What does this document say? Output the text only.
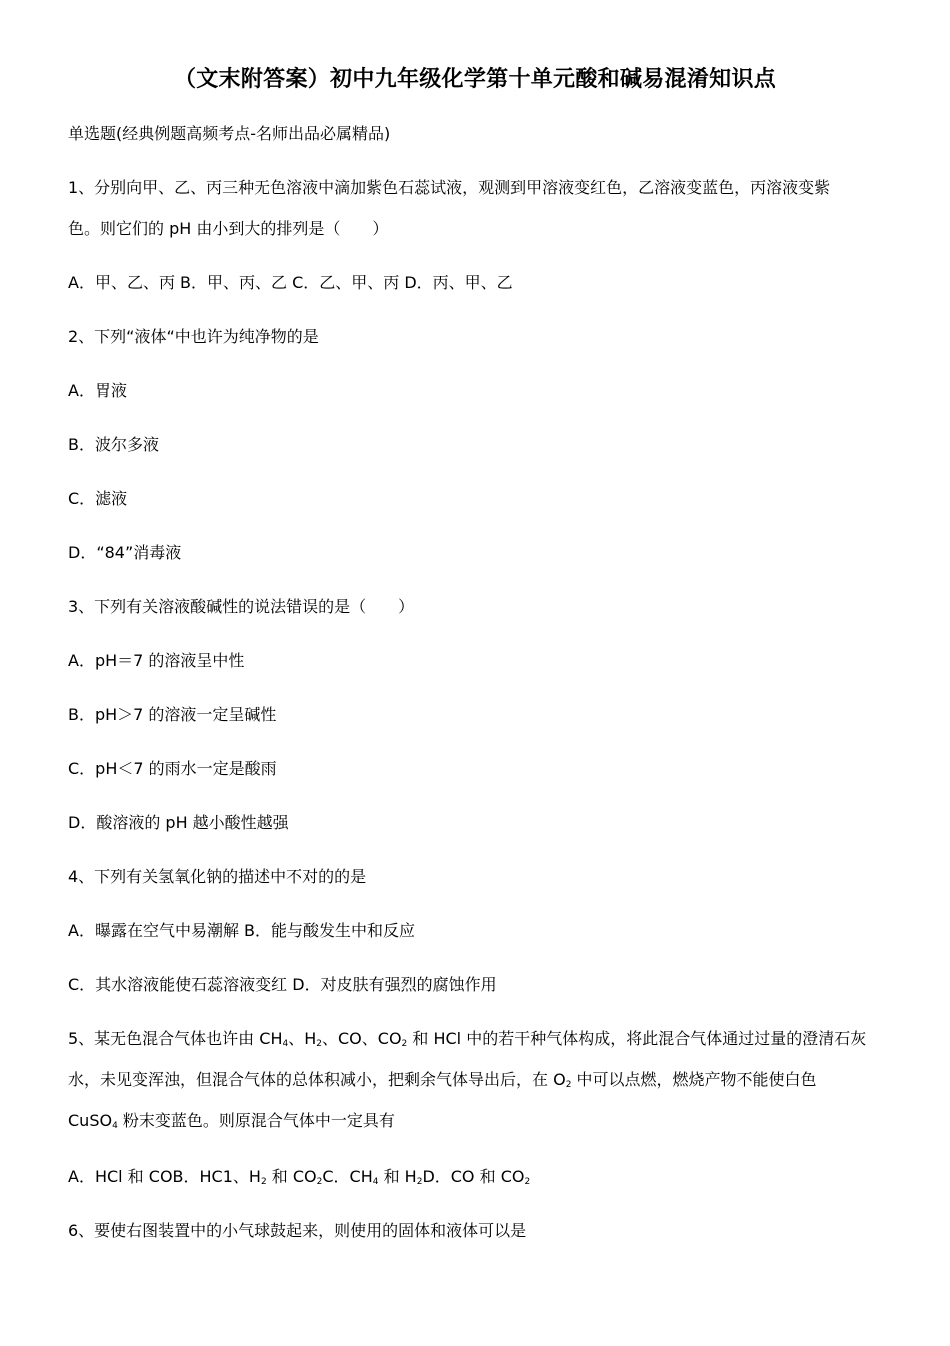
（文末附答案）初中九年级化学第十单元酸和碱易混淆知识点
单选题(经典例题高频考点-名师出品必属精品)
1、分别向甲、乙、丙三种无色溶液中滴加紫色石蕊试液，观测到甲溶液变红色，乙溶液变蓝色，丙溶液变紫
色。则它们的 pH 由小到大的排列是（　　）
A．甲、乙、丙 B．甲、丙、乙 C．乙、甲、丙 D．丙、甲、乙
2、下列“液体“中也许为纯净物的是
A．胃液
B．波尔多液
C．滤液
D．“84”消毒液
3、下列有关溶液酸碱性的说法错误的是（　　）
A．pH＝7 的溶液呈中性
B．pH＞7 的溶液一定呈碱性
C．pH＜7 的雨水一定是酸雨
D．酸溶液的 pH 越小酸性越强
4、下列有关氢氧化钠的描述中不对的的是
A．曝露在空气中易潮解 B．能与酸发生中和反应
C．其水溶液能使石蕊溶液变红 D．对皮肤有强烈的腐蚀作用
5、某无色混合气体也许由 $CH_4$、$H_2$、CO、$CO_2$ 和 HCl 中的若干种气体构成，将此混合气体通过过量的澄清石灰
水，未见变浑浊，但混合气体的总体积减小，把剩余气体导出后，在 $O_2$ 中可以点燃，燃烧产物不能使白色
CuSO$_4$ 粉末变蓝色。则原混合气体中一定具有
A．HCl 和 COB．HC1、$H_2$ 和 $CO_2C$．$CH_4$ 和 $H_2D$．CO 和 $CO_2$
6、要使右图装置中的小气球鼓起来，则使用的固体和液体可以是
